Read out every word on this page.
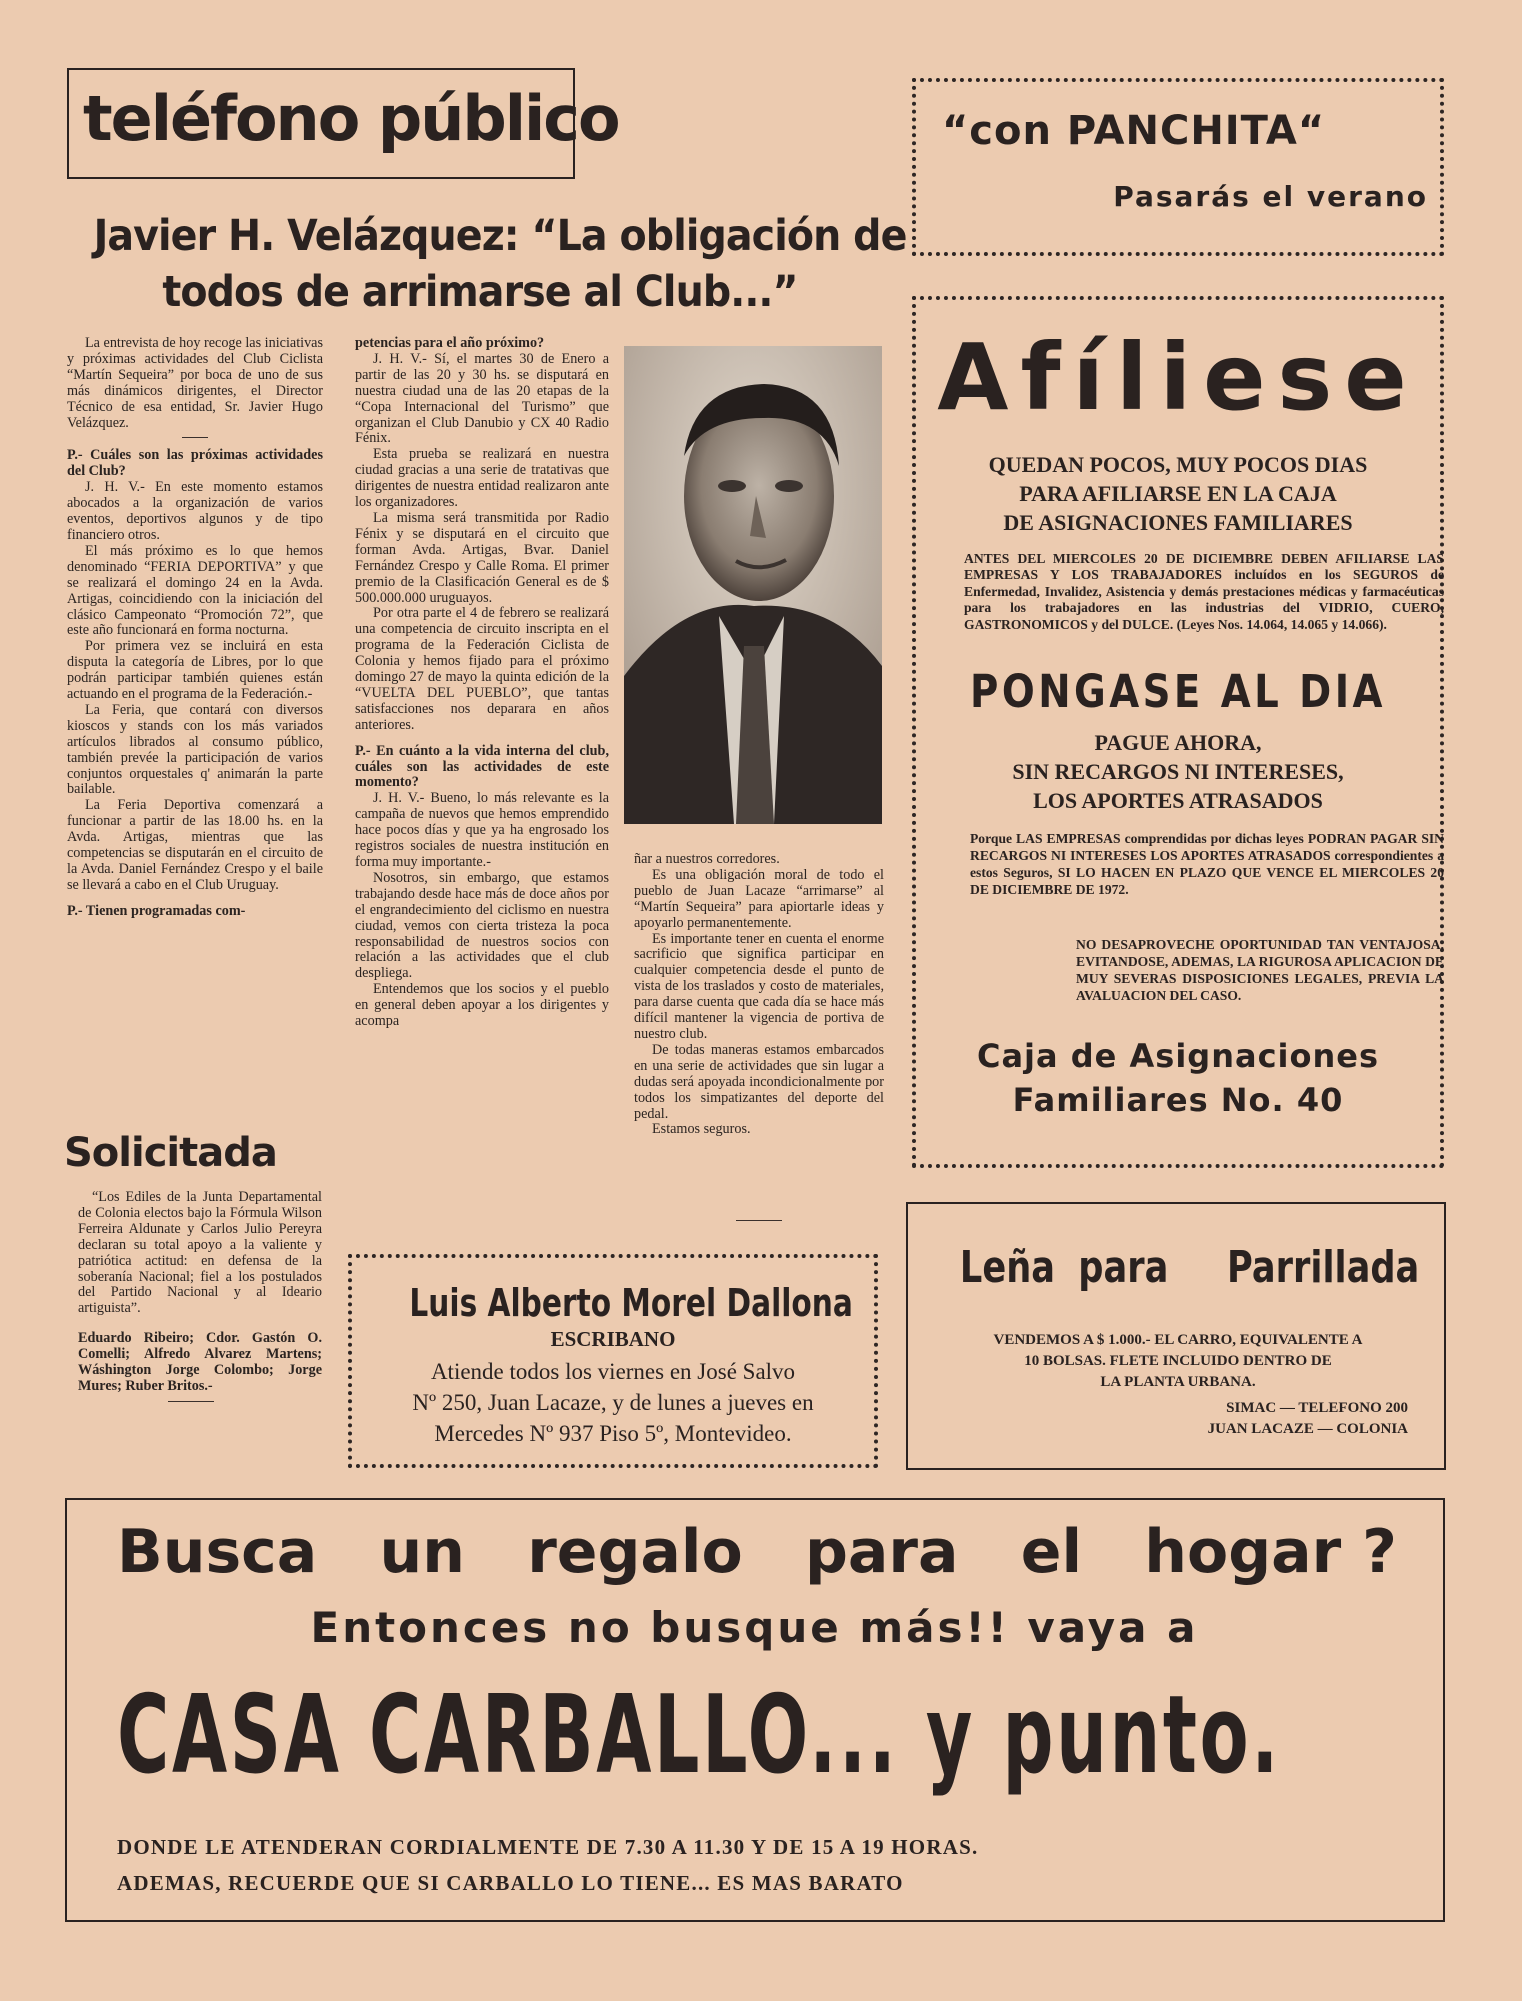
teléfono público
Javier H. Velázquez: “La obligación de
todos de arrimarse al Club...”

La entrevista de hoy recoge las iniciativas y próximas actividades del Club Ciclista “Martín Sequeira” por boca de uno de sus más dinámicos dirigentes, el Director Técnico de esa entidad, Sr. Javier Hugo Velázquez.

P.- Cuáles son las próximas actividades del Club?

J. H. V.- En este momento estamos abocados a la organización de varios eventos, deportivos algunos y de tipo financiero otros.

El más próximo es lo que hemos denominado “FERIA DEPORTIVA” y que se realizará el domingo 24 en la Avda. Artigas, coincidiendo con la iniciación del clásico Campeonato “Promoción 72”, que este año funcionará en forma nocturna.

Por primera vez se incluirá en esta disputa la categoría de Libres, por lo que podrán participar también quienes están actuando en el programa de la Federación.-

La Feria, que contará con diversos kioscos y stands con los más variados artículos librados al consumo público, también prevée la participación de varios conjuntos orquestales q' animarán la parte bailable.

La Feria Deportiva comenzará a funcionar a partir de las 18.00 hs. en la Avda. Artigas, mientras que las competencias se disputarán en el circuito de la Avda. Daniel Fernández Crespo y el baile se llevará a cabo en el Club Uruguay.

P.- Tienen programadas com-

petencias para el año próximo?

J. H. V.- Sí, el martes 30 de Enero a partir de las 20 y 30 hs. se disputará en nuestra ciudad una de las 20 etapas de la “Copa Internacional del Turismo” que organizan el Club Danubio y CX 40 Radio Fénix.

Esta prueba se realizará en nuestra ciudad gracias a una serie de tratativas que dirigentes de nuestra entidad realizaron ante los organizadores.

La misma será transmitida por Radio Fénix y se disputará en el circuito que forman Avda. Artigas, Bvar. Daniel Fernández Crespo y Calle Roma. El primer premio de la Clasificación General es de $ 500.000.000 uruguayos.

Por otra parte el 4 de febrero se realizará una competencia de circuito inscripta en el programa de la Federación Ciclista de Colonia y hemos fijado para el próximo domingo 27 de mayo la quinta edición de la “VUELTA DEL PUEBLO”, que tantas satisfacciones nos deparara en años anteriores.

P.- En cuánto a la vida interna del club, cuáles son las actividades de este momento?

J. H. V.- Bueno, lo más relevante es la campaña de nuevos que hemos emprendido hace pocos días y que ya ha engrosado los registros sociales de nuestra institución en forma muy importante.-

Nosotros, sin embargo, que estamos trabajando desde hace más de doce años por el engrandecimiento del ciclismo en nuestra ciudad, vemos con cierta tristeza la poca responsabilidad de nuestros socios con relación a las actividades que el club despliega.

Entendemos que los socios y el pueblo en general deben apoyar a los dirigentes y acompa

ñar a nuestros corredores.

Es una obligación moral de todo el pueblo de Juan Lacaze “arrimarse” al “Martín Sequeira” para apiortarle ideas y apoyarlo permanentemente.

Es importante tener en cuenta el enorme sacrificio que significa participar en cualquier competencia desde el punto de vista de los traslados y costo de materiales, para darse cuenta que cada día se hace más difícil mantener la vigencia de portiva de nuestro club.

De todas maneras estamos embarcados en una serie de actividades que sin lugar a dudas será apoyada incondicionalmente por todos los simpatizantes del deporte del pedal.

Estamos seguros.

Solicitada

“Los Ediles de la Junta Departamental de Colonia electos bajo la Fórmula Wilson Ferreira Aldunate y Carlos Julio Pereyra declaran su total apoyo a la valiente y patriótica actitud: en defensa de la soberanía Nacional; fiel a los postulados del Partido Nacional y al Ideario artiguista”.

Eduardo Ribeiro; Cdor. Gastón O. Comelli; Alfredo Alvarez Martens; Wáshington Jorge Colombo; Jorge Mures; Ruber Britos.-

“con PANCHITA“
Pasarás el verano
Afíliese
QUEDAN POCOS, MUY POCOS DIAS
PARA AFILIARSE EN LA CAJA
DE ASIGNACIONES FAMILIARES
ANTES DEL MIERCOLES 20 DE DICIEMBRE DEBEN AFILIARSE LAS EMPRESAS Y LOS TRABAJADORES incluídos en los SEGUROS de Enfermedad, Invalidez, Asistencia y demás prestaciones médicas y farmacéuticas para los trabajadores en las industrias del VIDRIO, CUERO, GASTRONOMICOS y del DULCE. (Leyes Nos. 14.064, 14.065 y 14.066).
PONGASE AL DIA
PAGUE AHORA,
SIN RECARGOS NI INTERESES,
LOS APORTES ATRASADOS
Porque LAS EMPRESAS comprendidas por dichas leyes PODRAN PAGAR SIN RECARGOS NI INTERESES LOS APORTES ATRASADOS correspondientes a estos Seguros, SI LO HACEN EN PLAZO QUE VENCE EL MIERCOLES 20 DE DICIEMBRE DE 1972.
NO DESAPROVECHE OPORTUNIDAD TAN VENTAJOSA, EVITANDOSE, ADEMAS, LA RIGUROSA APLICACION DE MUY SEVERAS DISPOSICIONES LEGALES, PREVIA LA AVALUACION DEL CASO.
Caja de Asignaciones
Familiares No. 40
Luis Alberto Morel Dallona
ESCRIBANO
Atiende todos los viernes en José Salvo
Nº 250, Juan Lacaze, y de lunes a jueves en
Mercedes Nº 937 Piso 5º, Montevideo.
Leña para Parrillada
VENDEMOS A $ 1.000.- EL CARRO, EQUIVALENTE A
10 BOLSAS. FLETE INCLUIDO DENTRO DE
LA PLANTA URBANA.
SIMAC — TELEFONO 200
JUAN LACAZE — COLONIA
Busca un regalo para el hogar ?
Entonces no busque más!! vaya a
CASA CARBALLO... y punto.
DONDE LE ATENDERAN CORDIALMENTE DE 7.30 A 11.30 Y DE 15 A 19 HORAS.
ADEMAS, RECUERDE QUE SI CARBALLO LO TIENE... ES MAS BARATO
